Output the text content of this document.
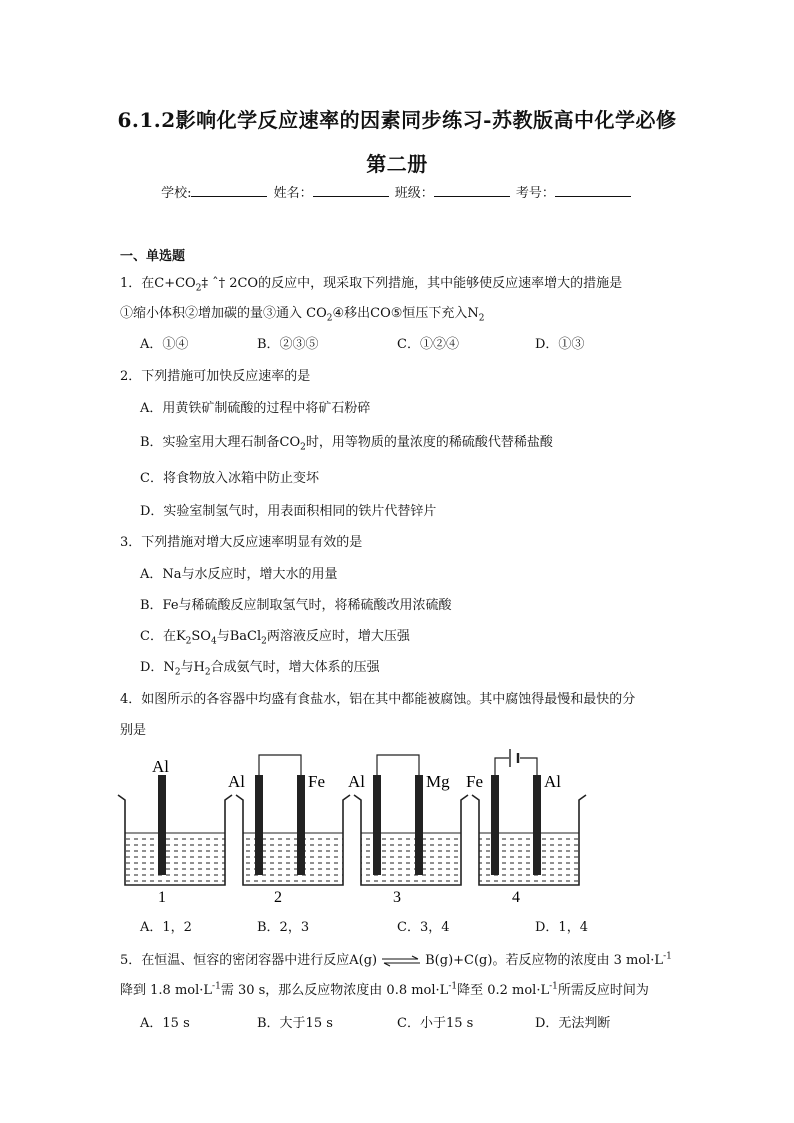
6.1.2影响化学反应速率的因素同步练习-苏教版高中化学必修
第二册
学校:	姓名：	班级：	考号：
一、单选题
1．在$C+CO_2\ddagger$ ˆ† 2CO的反应中，现采取下列措施，其中能够使反应速率增大的措施是
①缩小体积②增加碳的量③通入 $CO_2④$移出CO⑤恒压下充入$N_2$
A．①④	B．②③⑤	C．①②④	D．①③
2．下列措施可加快反应速率的是
A．用黄铁矿制硫酸的过程中将矿石粉碎
B．实验室用大理石制备$CO_2$时，用等物质的量浓度的稀硫酸代替稀盐酸
C．将食物放入冰箱中防止变坏
D．实验室制氢气时，用表面积相同的铁片代替锌片
3．下列措施对增大反应速率明显有效的是
A．Na与水反应时，增大水的用量
B．Fe与稀硫酸反应制取氢气时，将稀硫酸改用浓硫酸
C．在$K_2SO_4$与BaCl$_2$两溶液反应时，增大压强
D．$N_2$与$H_2$合成氨气时，增大体系的压强
4．如图所示的各容器中均盛有食盐水，铝在其中都能被腐蚀。其中腐蚀得最慢和最快的分
别是
Al
1
Al	Fe
2
Al	Mg
3
Fe	Al
4
A．1，2	B．2，3	C．3，4	D．1，4
5．在恒温、恒容的密闭容器中进行反应A(g) ⇌ B(g)+C(g)。若反应物的浓度由 3 $mol\cdot L^{-1}$
降到 1.8 $mol\cdot L^{-1}$需 30 s，那么反应物浓度由 0.8 $mol\cdot L^{-1}$降至 0.2 $mol\cdot L^{-1}$所需反应时间为
A．15 s	B．大于15 s	C．小于15 s	D．无法判断
